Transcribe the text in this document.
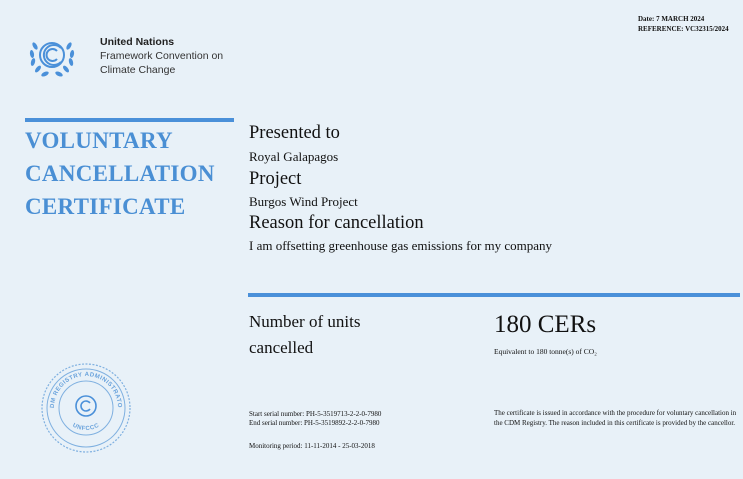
United Nations
Framework Convention on
Climate Change
Date: 7 MARCH 2024
REFERENCE: VC32315/2024
VOLUNTARY
CANCELLATION
CERTIFICATE
Presented to
Royal Galapagos
Project
Burgos Wind Project
Reason for cancellation
I am offsetting greenhouse gas emissions for my company
Number of units
cancelled
180 CERs
Equivalent to 180 tonne(s) of CO₂
Start serial number: PH-5-3519713-2-2-0-7980
End serial number: PH-5-3519892-2-2-0-7980
Monitoring period: 11-11-2014 - 25-03-2018
The certificate is issued in accordance with the procedure for voluntary cancellation in the CDM Registry. The reason included in this certificate is provided by the cancellor.
DM REGISTRY ADMINISTRATO
UNFCCC
